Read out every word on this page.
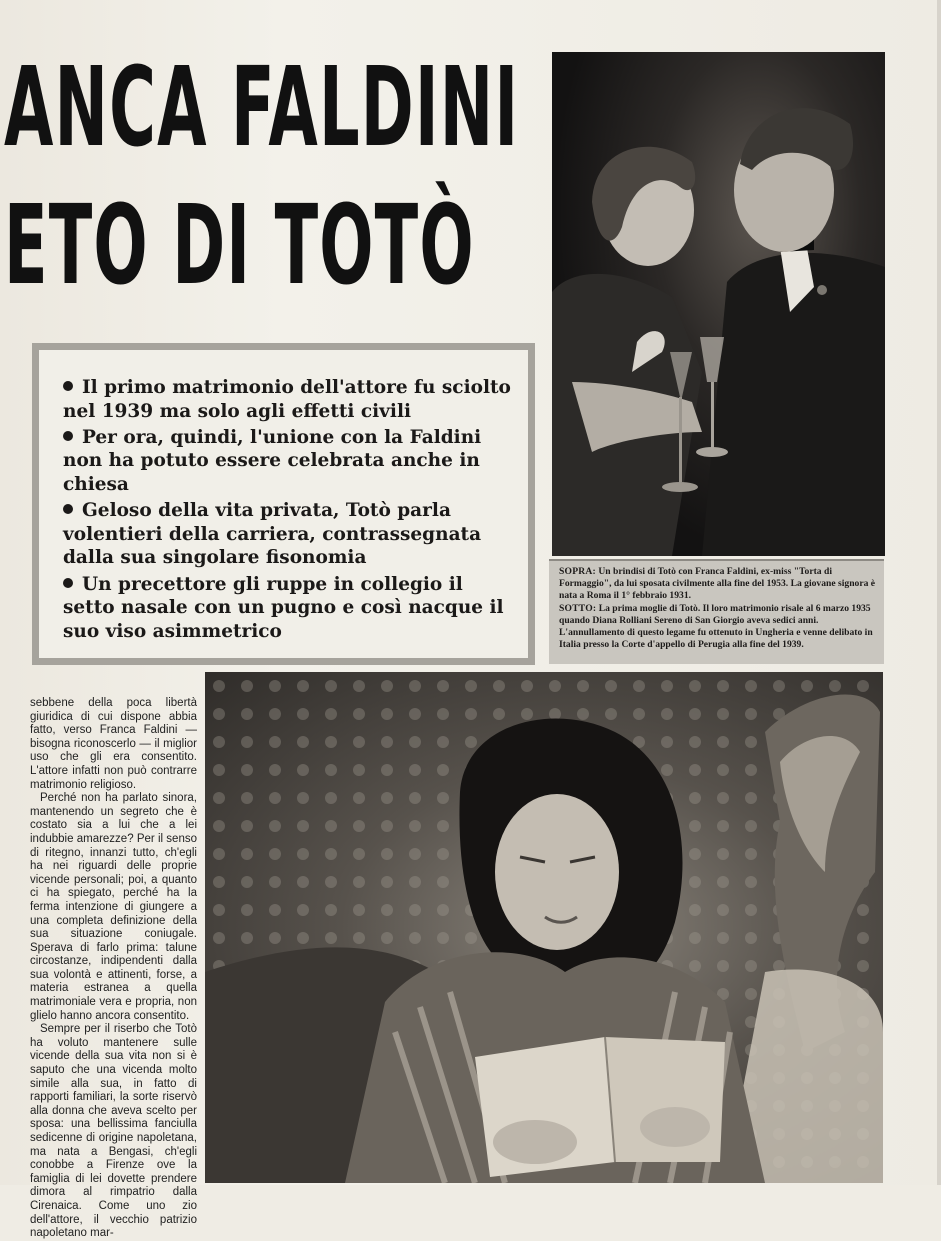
ANCA FALDINI
ETO DI TOTÒ

SOPRA: Un brindisi di Totò con Franca Faldini, ex-miss "Torta di Formaggio", da lui sposata civilmente alla fine del 1953. La giovane signora è nata a Roma il 1° febbraio 1931.

SOTTO: La prima moglie di Totò. Il loro matrimonio risale al 6 marzo 1935 quando Diana Rolliani Sereno di San Giorgio aveva sedici anni. L'annullamento di questo legame fu ottenuto in Ungheria e venne delibato in Italia presso la Corte d'appello di Perugia alla fine del 1939.

Il primo matrimonio dell'attore fu sciolto nel 1939 ma solo agli effetti civili
Per ora, quindi, l'unione con la Faldini non ha potuto essere celebrata anche in chiesa
Geloso della vita privata, Totò parla volentieri della carriera, contrassegnata dalla sua singolare fisonomia
Un precettore gli ruppe in collegio il setto nasale con un pugno e così nacque il suo viso asimmetrico

sebbene della poca libertà giuridica di cui dispone abbia fatto, verso Franca Faldini — bisogna riconoscerlo — il miglior uso che gli era consentito. L'attore infatti non può contrarre matrimonio religioso.

Perché non ha parlato sinora, mantenendo un segreto che è costato sia a lui che a lei indubbie amarezze? Per il senso di ritegno, innanzi tutto, ch'egli ha nei riguardi delle proprie vicende personali; poi, a quanto ci ha spiegato, perché ha la ferma intenzione di giungere a una completa definizione della sua situazione coniugale. Sperava di farlo prima: talune circostanze, indipendenti dalla sua volontà e attinenti, forse, a materia estranea a quella matrimoniale vera e propria, non glielo hanno ancora consentito.

Sempre per il riserbo che Totò ha voluto mantenere sulle vicende della sua vita non si è saputo che una vicenda molto simile alla sua, in fatto di rapporti familiari, la sorte riservò alla donna che aveva scelto per sposa: una bellissima fanciulla sedicenne di origine napoletana, ma nata a Bengasi, ch'egli conobbe a Firenze ove la famiglia di lei dovette prendere dimora al rimpatrio dalla Cirenaica. Come uno zio dell'attore, il vecchio patrizio napoletano mar-
